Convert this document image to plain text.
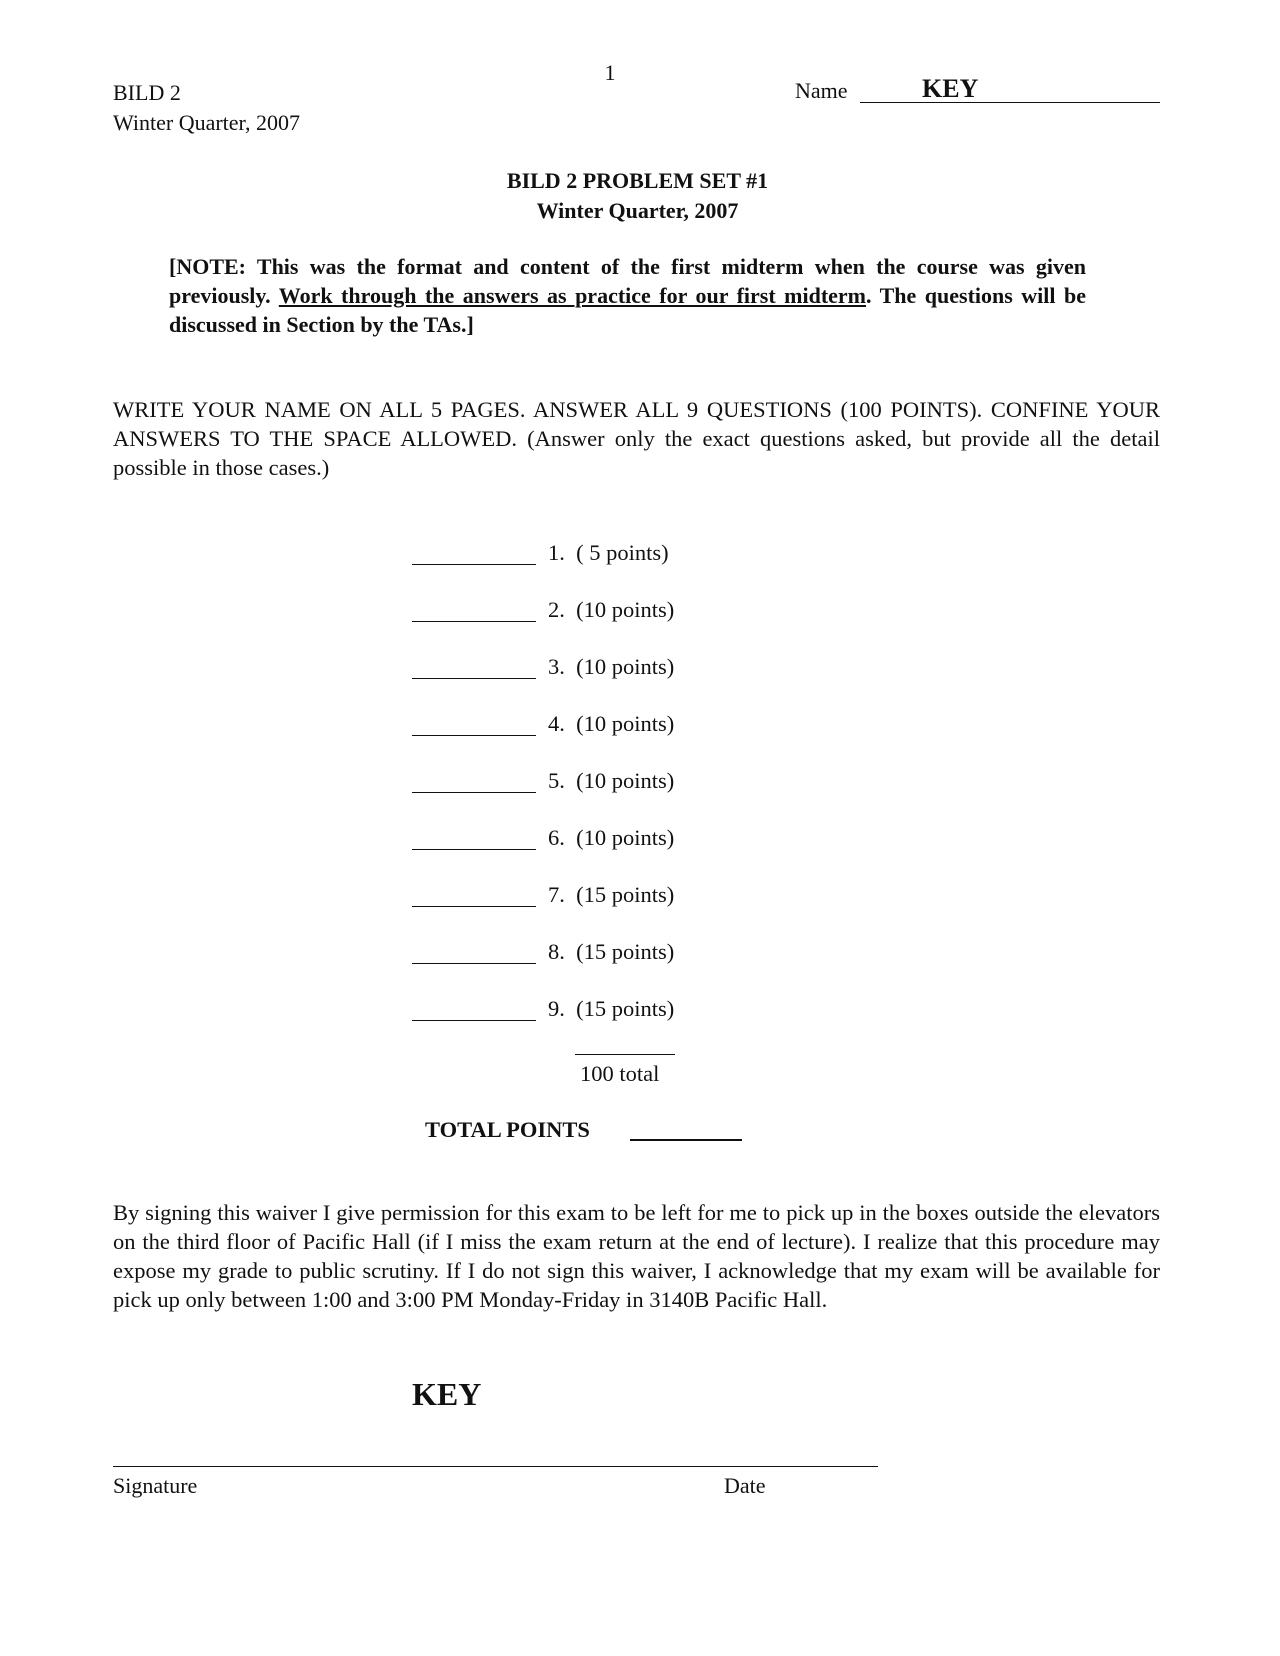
1
BILD 2
Winter Quarter, 2007
Name	KEY
BILD 2 PROBLEM SET #1
Winter Quarter, 2007
[NOTE: This was the format and content of the first midterm when the course was given previously. Work through the answers as practice for our first midterm. The questions will be discussed in Section by the TAs.]
WRITE YOUR NAME ON ALL 5 PAGES. ANSWER ALL 9 QUESTIONS (100 POINTS). CONFINE YOUR ANSWERS TO THE SPACE ALLOWED. (Answer only the exact questions asked, but provide all the detail possible in those cases.)
1.  ( 5 points)
2.  (10 points)
3.  (10 points)
4.  (10 points)
5.  (10 points)
6.  (10 points)
7.  (15 points)
8.  (15 points)
9.  (15 points)
100 total
TOTAL POINTS
By signing this waiver I give permission for this exam to be left for me to pick up in the boxes outside the elevators on the third floor of Pacific Hall (if I miss the exam return at the end of lecture). I realize that this procedure may expose my grade to public scrutiny. If I do not sign this waiver, I acknowledge that my exam will be available for pick up only between 1:00 and 3:00 PM Monday-Friday in 3140B Pacific Hall.
KEY
Signature	Date
